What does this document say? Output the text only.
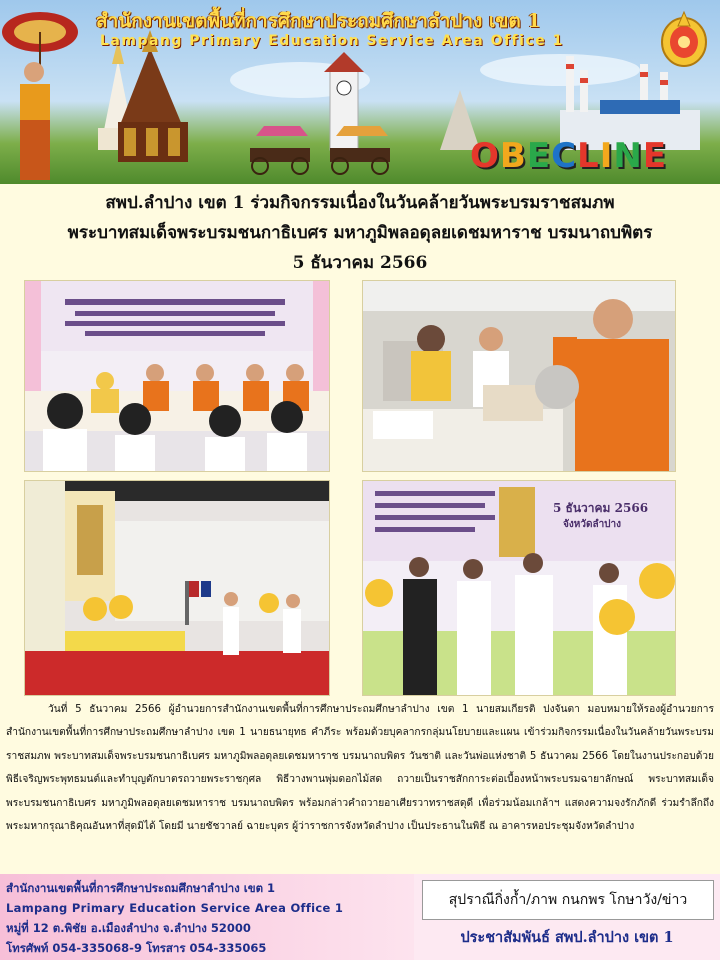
สำนักงานเขตพื้นที่การศึกษาประถมศึกษาลำปาง เขต 1
Lampang Primary Education Service Area Office 1
OBECLINE
สพป.ลำปาง เขต 1 ร่วมกิจกรรมเนื่องในวันคล้ายวันพระบรมราชสมภพ
พระบาทสมเด็จพระบรมชนกาธิเบศร มหาภูมิพลอดุลยเดชมหาราช บรมนาถบพิตร
5 ธันวาคม 2566
5 ธันวาคม 2566
จังหวัดลำปาง

วันที่ 5 ธันวาคม 2566 ผู้อำนวยการสำนักงานเขตพื้นที่การศึกษาประถมศึกษาลำปาง เขต 1 นายสมเกียรติ ปงจันตา มอบหมายให้รองผู้อำนวยการสำนักงานเขตพื้นที่การศึกษาประถมศึกษาลำปาง เขต 1 นายธนายุทธ คำภีระ พร้อมด้วยบุคลากรกลุ่มนโยบายและแผน เข้าร่วมกิจกรรมเนื่องในวันคล้ายวันพระบรมราชสมภพ พระบาทสมเด็จพระบรมชนกาธิเบศร มหาภูมิพลอดุลยเดชมหาราช บรมนาถบพิตร วันชาติ และวันพ่อแห่งชาติ 5 ธันวาคม 2566 โดยในงานประกอบด้วยพิธีเจริญพระพุทธมนต์และทำบุญตักบาตรถวายพระราชกุศล พิธีวางพานพุ่มดอกไม้สด ถวายเป็นราชสักการะต่อเบื้องหน้าพระบรมฉายาลักษณ์ พระบาทสมเด็จพระบรมชนกาธิเบศร มหาภูมิพลอดุลยเดชมหาราช บรมนาถบพิตร พร้อมกล่าวคำถวายอาเศียรวาทราชสดุดี เพื่อร่วมน้อมเกล้าฯ แสดงความจงรักภักดี ร่วมรำลึกถึงพระมหากรุณาธิคุณอันหาที่สุดมิได้ โดยมี นายชัชวาลย์ ฉายะบุตร ผู้ว่าราชการจังหวัดลำปาง เป็นประธานในพิธี ณ อาคารหอประชุมจังหวัดลำปาง

สำนักงานเขตพื้นที่การศึกษาประถมศึกษาลำปาง เขต 1
Lampang Primary Education Service Area Office 1
หมู่ที่ 12 ต.พิชัย อ.เมืองลำปาง จ.ลำปาง 52000
โทรศัพท์ 054-335068-9 โทรสาร 054-335065
สุปราณีกิ่งก้ำ/ภาพ กนกพร โกษาวัง/ข่าว
ประชาสัมพันธ์ สพป.ลำปาง เขต 1
